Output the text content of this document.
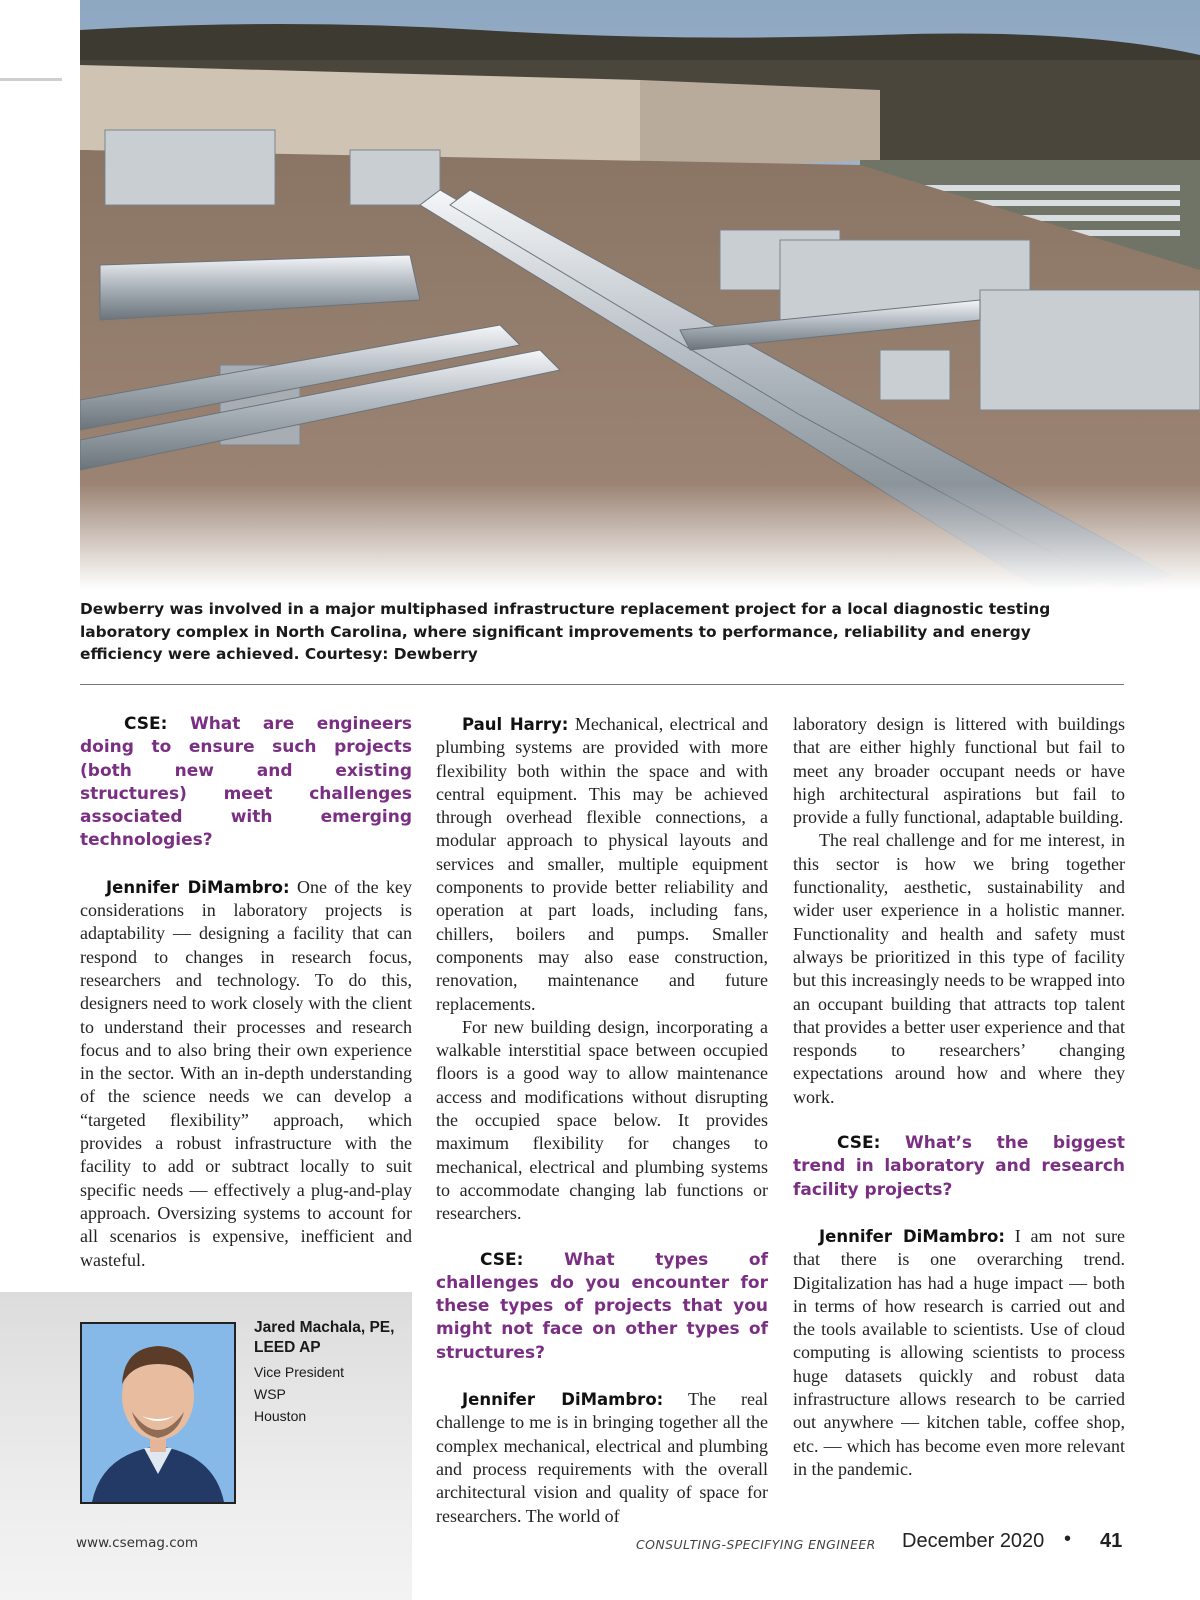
Dewberry was involved in a major multiphased infrastructure replacement project for a local diagnostic testing laboratory complex in North Carolina, where significant improvements to performance, reliability and energy efficiency were achieved. Courtesy: Dewberry

CSE: What are engineers doing to ensure such projects (both new and existing structures) meet challenges associated with emerging technologies?

Jennifer DiMambro: One of the key considerations in laboratory projects is adaptability — designing a facility that can respond to changes in research focus, researchers and technology. To do this, designers need to work closely with the client to understand their processes and research focus and to also bring their own experience in the sector. With an in-depth understanding of the science needs we can develop a “targeted flexibility” approach, which provides a robust infrastructure with the facility to add or subtract locally to suit specific needs — effectively a plug-and-play approach. Oversizing systems to account for all scenarios is expensive, inefficient and wasteful.

Paul Harry: Mechanical, electrical and plumbing systems are provided with more flexibility both within the space and with central equipment. This may be achieved through overhead flexible connections, a modular approach to physical layouts and services and smaller, multiple equipment components to provide better reliability and operation at part loads, including fans, chillers, boilers and pumps. Smaller components may also ease construction, renovation, maintenance and future replacements.

For new building design, incorporating a walkable interstitial space between occupied floors is a good way to allow maintenance access and modifications without disrupting the occupied space below. It provides maximum flexibility for changes to mechanical, electrical and plumbing systems to accommodate changing lab functions or researchers.

CSE: What types of challenges do you encounter for these types of projects that you might not face on other types of structures?

Jennifer DiMambro: The real challenge to me is in bringing together all the complex mechanical, electrical and plumbing and process requirements with the overall architectural vision and quality of space for researchers. The world of

laboratory design is littered with buildings that are either highly functional but fail to meet any broader occupant needs or have high architectural aspirations but fail to provide a fully functional, adaptable building.

The real challenge and for me interest, in this sector is how we bring together functionality, aesthetic, sustainability and wider user experience in a holistic manner. Functionality and health and safety must always be prioritized in this type of facility but this increasingly needs to be wrapped into an occupant building that attracts top talent that provides a better user experience and that responds to researchers’ changing expectations around how and where they work.

CSE: What’s the biggest trend in laboratory and research facility projects?

Jennifer DiMambro: I am not sure that there is one overarching trend. Digitalization has had a huge impact — both in terms of how research is carried out and the tools available to scientists. Use of cloud computing is allowing scientists to process huge datasets quickly and robust data infrastructure allows research to be carried out anywhere — kitchen table, coffee shop, etc. — which has become even more relevant in the pandemic.

Jared Machala, PE, LEED AP
Vice President
WSP
Houston
www.csemag.com	CONSULTING-SPECIFYING ENGINEER December 2020 • 41
